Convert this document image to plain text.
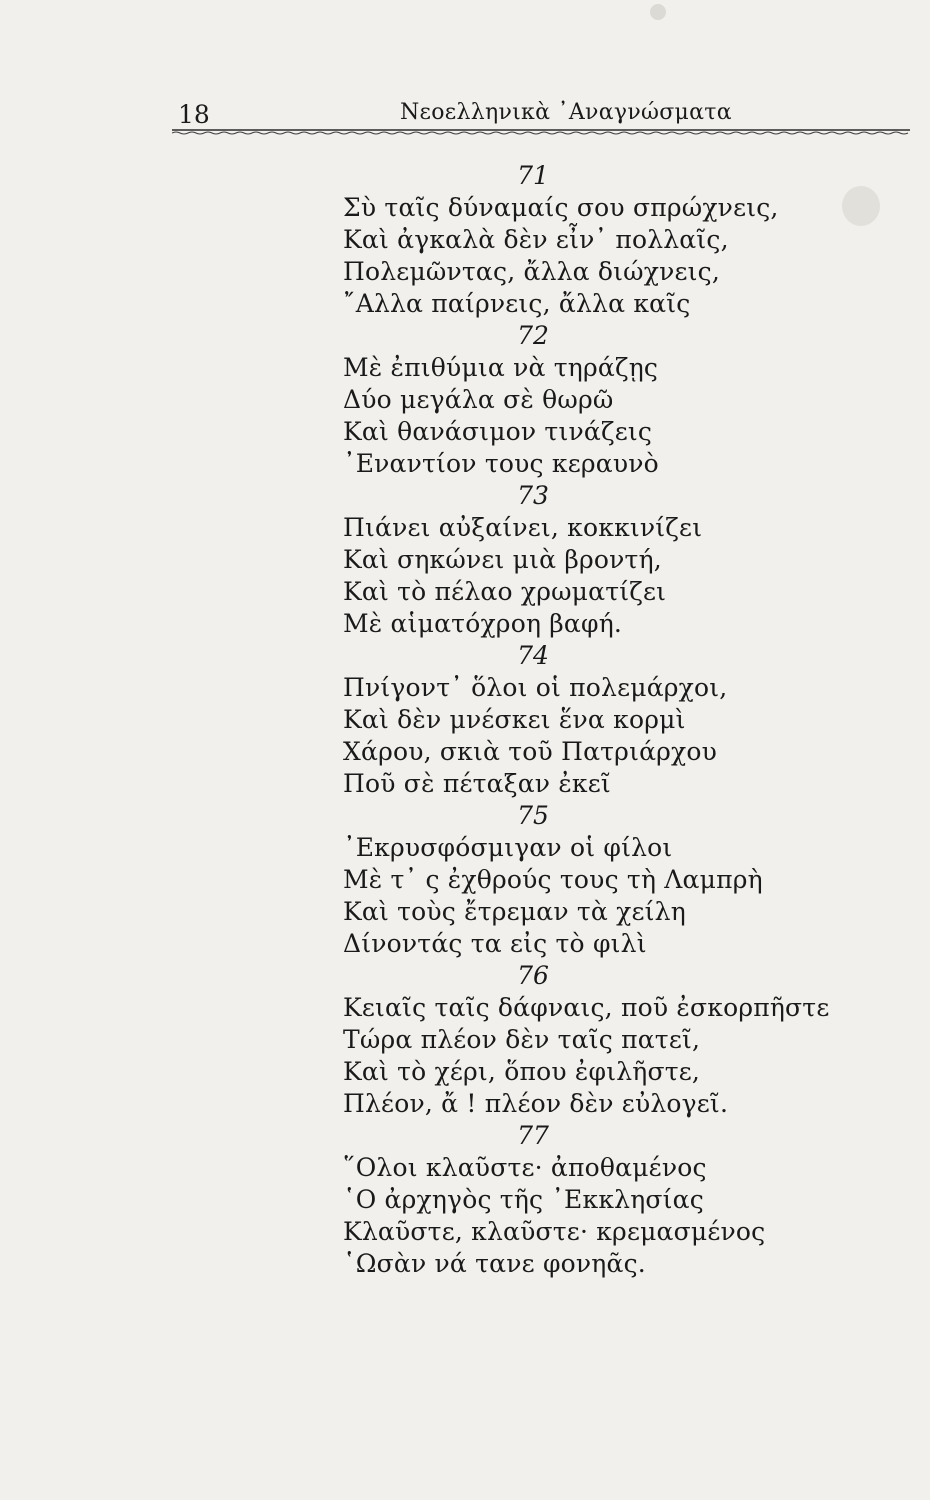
18	Νεοελληνικὰ ᾿Αναγνώσματα
71
Σὺ ταῖς δύναμαίς σου σπρώχνεις,
Καὶ ἀγκαλὰ δὲν εἶν᾿ πολλαῖς,
Πολεμῶντας, ἄλλα διώχνεις,
῎Αλλα παίρνεις, ἄλλα καῖς
72
Μὲ ἐπιθύμια νὰ τηράζῃς
Δύο μεγάλα σὲ θωρῶ
Καὶ θανάσιμον τινάζεις
᾿Εναντίον τους κεραυνὸ
73
Πιάνει αὐξαίνει, κοκκινίζει
Καὶ σηκώνει μιὰ βροντή,
Καὶ τὸ πέλαο χρωματίζει
Μὲ αἱματόχροη βαφή.
74
Πνίγοντ᾿ ὅλοι οἱ πολεμάρχοι,
Καὶ δὲν μνέσκει ἕνα κορμὶ
Χάρου, σκιὰ τοῦ Πατριάρχου
Ποῦ σὲ πέταξαν ἐκεῖ
75
᾿Εκρυσφόσμιγαν οἱ φίλοι
Μὲ τ᾿ ς ἐχθρούς τους τὴ Λαμπρὴ
Καὶ τοὺς ἔτρεμαν τὰ χείλη
Δίνοντάς τα εἰς τὸ φιλὶ
76
Κειαῖς ταῖς δάφναις, ποῦ ἐσκορπῆστε
Τώρα πλέον δὲν ταῖς πατεῖ,
Καὶ τὸ χέρι, ὅπου ἐφιλῆστε,
Πλέον, ἄ ! πλέον δὲν εὐλογεῖ.
77
῞Ολοι κλαῦστε· ἀποθαμένος
῾Ο ἀρχηγὸς τῆς ᾿Εκκλησίας
Κλαῦστε, κλαῦστε· κρεμασμένος
῾Ωσὰν νά τανε φονηᾶς.
